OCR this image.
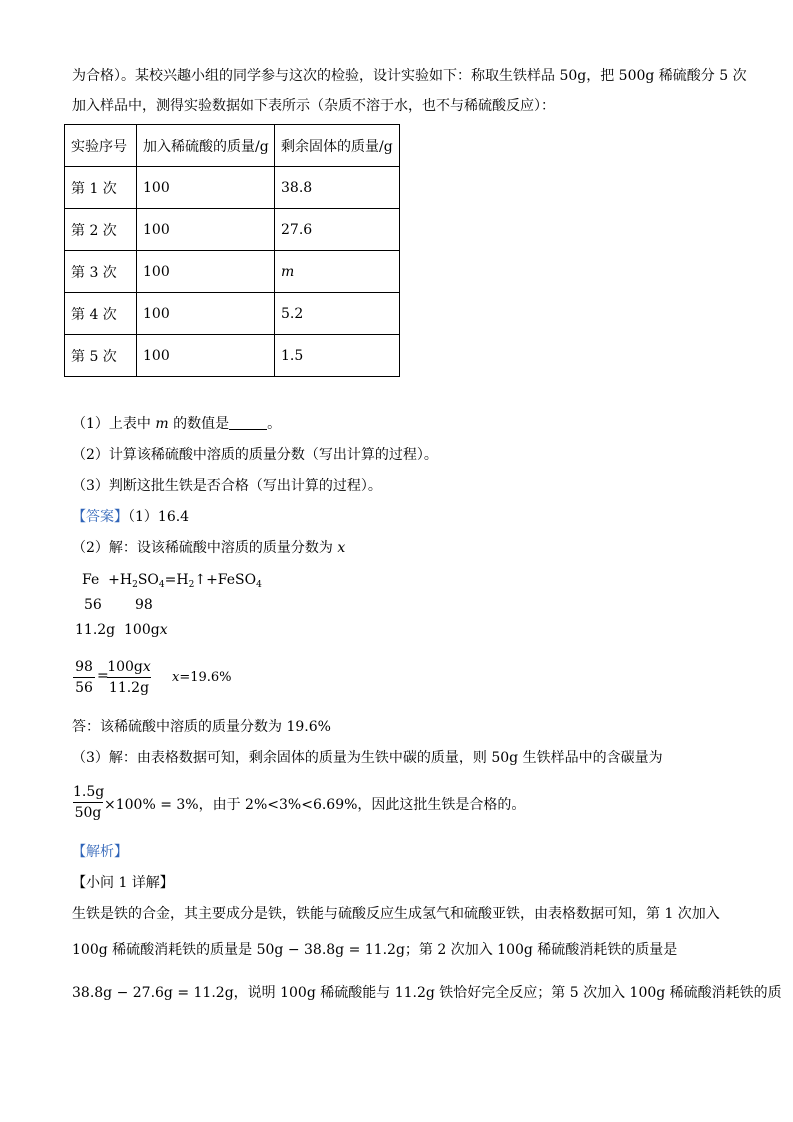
为合格）。某校兴趣小组的同学参与这次的检验，设计实验如下：称取生铁样品 50g，把 500g 稀硫酸分 5 次
加入样品中，测得实验数据如下表所示（杂质不溶于水，也不与稀硫酸反应）：
实验序号	加入稀硫酸的质量/g	剩余固体的质量/g
第 1 次	100	38.8
第 2 次	100	27.6
第 3 次	100	m
第 4 次	100	5.2
第 5 次	100	1.5
（1）上表中 m 的数值是	。
（2）计算该稀硫酸中溶质的质量分数（写出计算的过程）。
（3）判断这批生铁是否合格（写出计算的过程）。
【答案】（1）16.4
（2）解：设该稀硫酸中溶质的质量分数为 x
$Fe +H_2SO_4=H_2↑+FeSO_4$
56 98
11.2g 100gx
98
56
=
100gx
11.2g
x=19.6%
答：该稀硫酸中溶质的质量分数为 19.6%
（3）解：由表格数据可知，剩余固体的质量为生铁中碳的质量，则 50g 生铁样品中的含碳量为
1.5g
50g ×100% = 3%，由于 2%<3%<6.69%，因此这批生铁是合格的。
【解析】
【小问 1 详解】
生铁是铁的合金，其主要成分是铁，铁能与硫酸反应生成氢气和硫酸亚铁，由表格数据可知，第 1 次加入
100g 稀硫酸消耗铁的质量是 50g − 38.8g = 11.2g；第 2 次加入 100g 稀硫酸消耗铁的质量是
38.8g − 27.6g = 11.2g，说明 100g 稀硫酸能与 11.2g 铁恰好完全反应；第 5 次加入 100g 稀硫酸消耗铁的质
